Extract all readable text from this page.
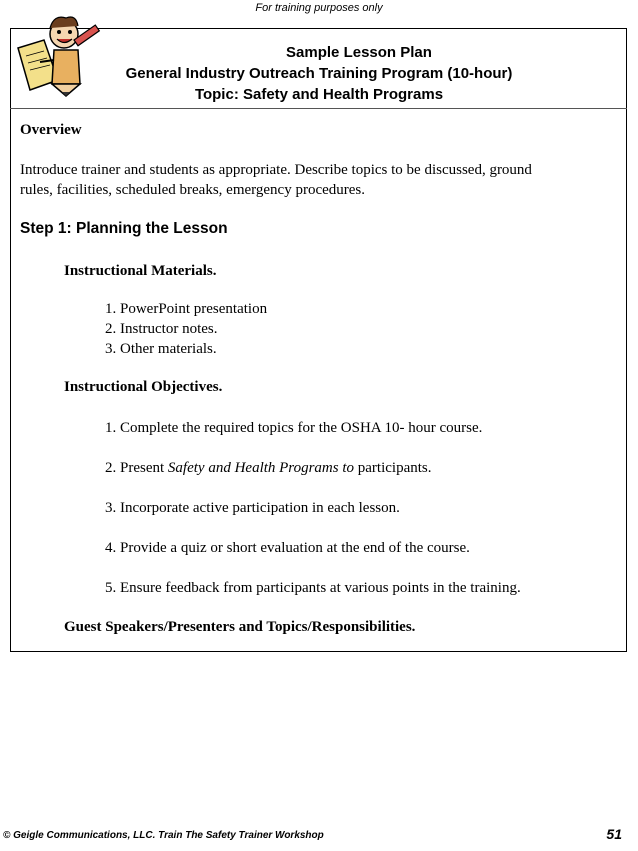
For training purposes only
Sample Lesson Plan
General Industry Outreach Training Program (10-hour)
Topic: Safety and Health Programs
Overview
Introduce trainer and students as appropriate. Describe topics to be discussed, ground
rules, facilities, scheduled breaks, emergency procedures.
Step 1: Planning the Lesson
Instructional Materials.
1. PowerPoint presentation
2. Instructor notes.
3. Other materials.
Instructional Objectives.
1. Complete the required topics for the OSHA 10- hour course.
2. Present Safety and Health Programs to participants.
3. Incorporate active participation in each lesson.
4. Provide a quiz or short evaluation at the end of the course.
5. Ensure feedback from participants at various points in the training.
Guest Speakers/Presenters and Topics/Responsibilities.
© Geigle Communications, LLC. Train The Safety Trainer Workshop	51
